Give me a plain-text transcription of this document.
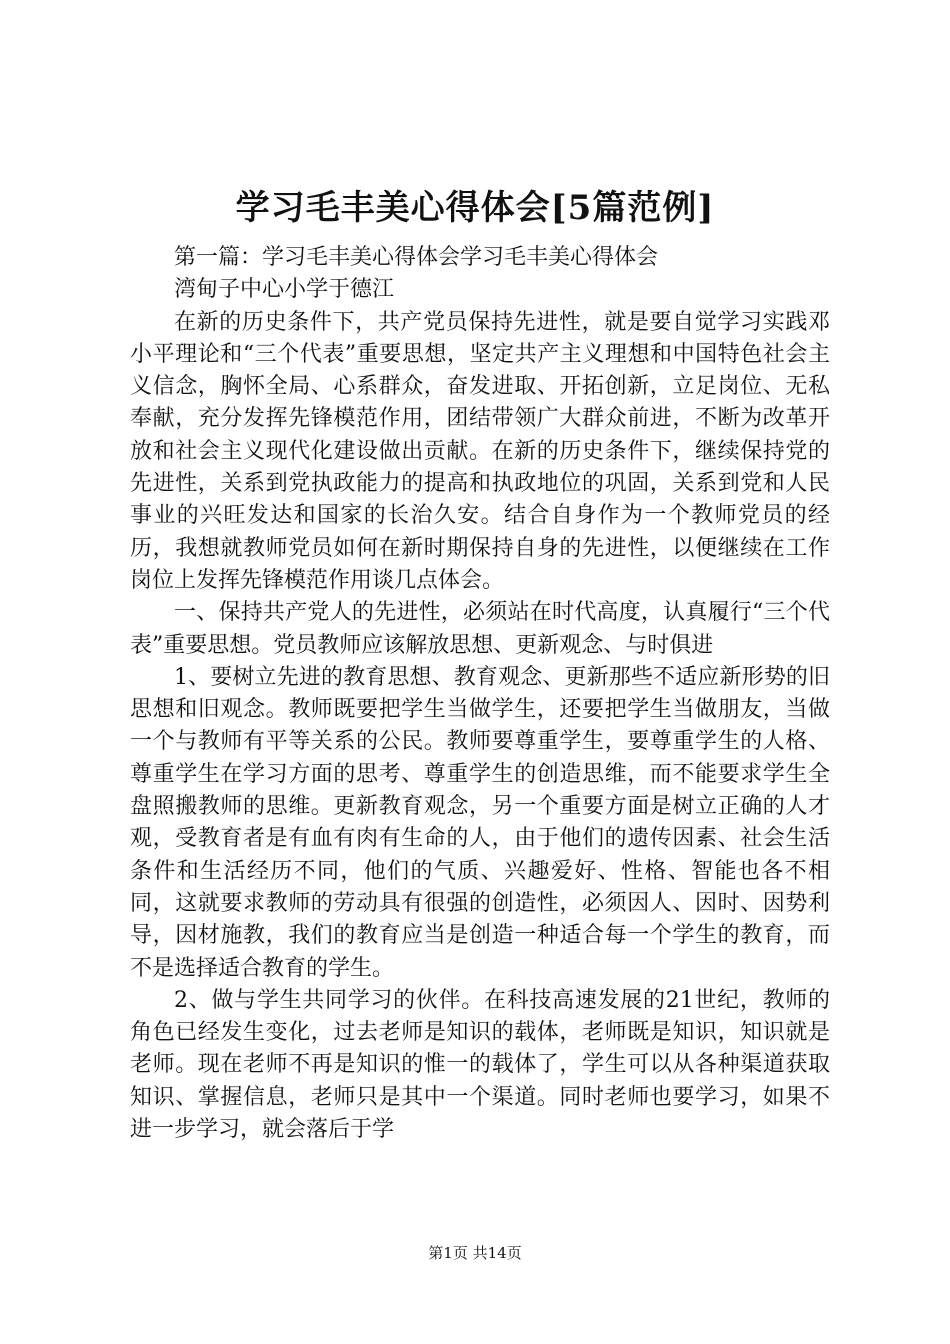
学习毛丰美心得体会[5篇范例]

第一篇：学习毛丰美心得体会学习毛丰美心得体会

湾甸子中心小学于德江

在新的历史条件下，共产党员保持先进性，就是要自觉学习实践邓小平理论和“三个代表”重要思想，坚定共产主义理想和中国特色社会主义信念，胸怀全局、心系群众，奋发进取、开拓创新，立足岗位、无私奉献，充分发挥先锋模范作用，团结带领广大群众前进，不断为改革开放和社会主义现代化建设做出贡献。在新的历史条件下，继续保持党的先进性，关系到党执政能力的提高和执政地位的巩固，关系到党和人民事业的兴旺发达和国家的长治久安。结合自身作为一个教师党员的经历，我想就教师党员如何在新时期保持自身的先进性，以便继续在工作岗位上发挥先锋模范作用谈几点体会。

一、保持共产党人的先进性，必须站在时代高度，认真履行“三个代表”重要思想。党员教师应该解放思想、更新观念、与时俱进

1、要树立先进的教育思想、教育观念、更新那些不适应新形势的旧思想和旧观念。教师既要把学生当做学生，还要把学生当做朋友，当做一个与教师有平等关系的公民。教师要尊重学生，要尊重学生的人格、尊重学生在学习方面的思考、尊重学生的创造思维，而不能要求学生全盘照搬教师的思维。更新教育观念，另一个重要方面是树立正确的人才观，受教育者是有血有肉有生命的人，由于他们的遗传因素、社会生活条件和生活经历不同，他们的气质、兴趣爱好、性格、智能也各不相同，这就要求教师的劳动具有很强的创造性，必须因人、因时、因势利导，因材施教，我们的教育应当是创造一种适合每一个学生的教育，而不是选择适合教育的学生。

2、做与学生共同学习的伙伴。在科技高速发展的21世纪，教师的角色已经发生变化，过去老师是知识的载体，老师既是知识，知识就是老师。现在老师不再是知识的惟一的载体了，学生可以从各种渠道获取知识、掌握信息，老师只是其中一个渠道。同时老师也要学习，如果不进一步学习，就会落后于学

第1页 共14页
